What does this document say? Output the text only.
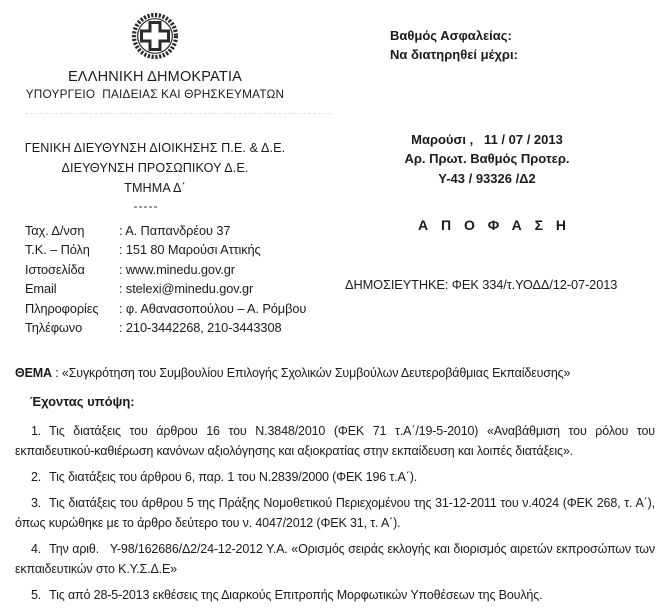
ΕΛΛΗΝΙΚΗ ΔΗΜΟΚΡΑΤΙΑ
ΥΠΟΥΡΓΕΙΟ  ΠΑΙΔΕΙΑΣ ΚΑΙ ΘΡΗΣΚΕΥΜΑΤΩΝ
Βαθμός Ασφαλείας:
Να διατηρηθεί μέχρι:
ΓΕΝΙΚΗ ΔΙΕΥΘΥΝΣΗ ΔΙΟΙΚΗΣΗΣ Π.Ε. & Δ.Ε.
ΔΙΕΥΘΥΝΣΗ ΠΡΟΣΩΠΙΚΟΥ Δ.Ε.
ΤΜΗΜΑ Δ΄
Μαρούσι ,   11 / 07 / 2013
Αρ. Πρωτ. Βαθμός Προτερ.
Υ-43 / 93326 /Δ2
-----
Ταχ. Δ/νση	: Α. Παπανδρέου 37
Τ.Κ. – Πόλη	: 151 80 Μαρούσι Αττικής
Ιστοσελίδα	: www.minedu.gov.gr
Email	: stelexi@minedu.gov.gr
Πληροφορίες	: φ. Αθανασοπούλου – Α. Ρόμβου
Τηλέφωνο	: 210-3442268, 210-3443308
Α Π Ο Φ Α Σ Η
ΔΗΜΟΣΙΕΥΤΗΚΕ: ΦΕΚ 334/τ.ΥΟΔΔ/12-07-2013
ΘΕΜΑ : «Συγκρότηση του Συμβουλίου Επιλογής Σχολικών Συμβούλων Δευτεροβάθμιας Εκπαίδευσης»
Έχοντας υπόψη:

1. Τις διατάξεις του άρθρου 16 του Ν.3848/2010 (ΦΕΚ 71 τ.Α΄/19-5-2010) «Αναβάθμιση του ρόλου του εκπαιδευτικού-καθιέρωση κανόνων αξιολόγησης και αξιοκρατίας στην εκπαίδευση και λοιπές διατάξεις».

2. Τις διατάξεις του άρθρου 6, παρ. 1 του Ν.2839/2000 (ΦΕΚ 196 τ.Α΄).

3. Τις διατάξεις του άρθρου 5 της Πράξης Νομοθετικού Περιεχομένου της 31-12-2011 του ν.4024 (ΦΕΚ 268, τ. Α΄), όπως κυρώθηκε με το άρθρο δεύτερο του ν. 4047/2012 (ΦΕΚ 31, τ. Α΄).

4. Την αριθ.   Υ-98/162686/Δ2/24-12-2012 Υ.Α. «Ορισμός σειράς εκλογής και διορισμός αιρετών εκπροσώπων των εκπαιδευτικών στο Κ.Υ.Σ.Δ.Ε»

5. Τις από 28-5-2013 εκθέσεις της Διαρκούς Επιτροπής Μορφωτικών Υποθέσεων της Βουλής.
